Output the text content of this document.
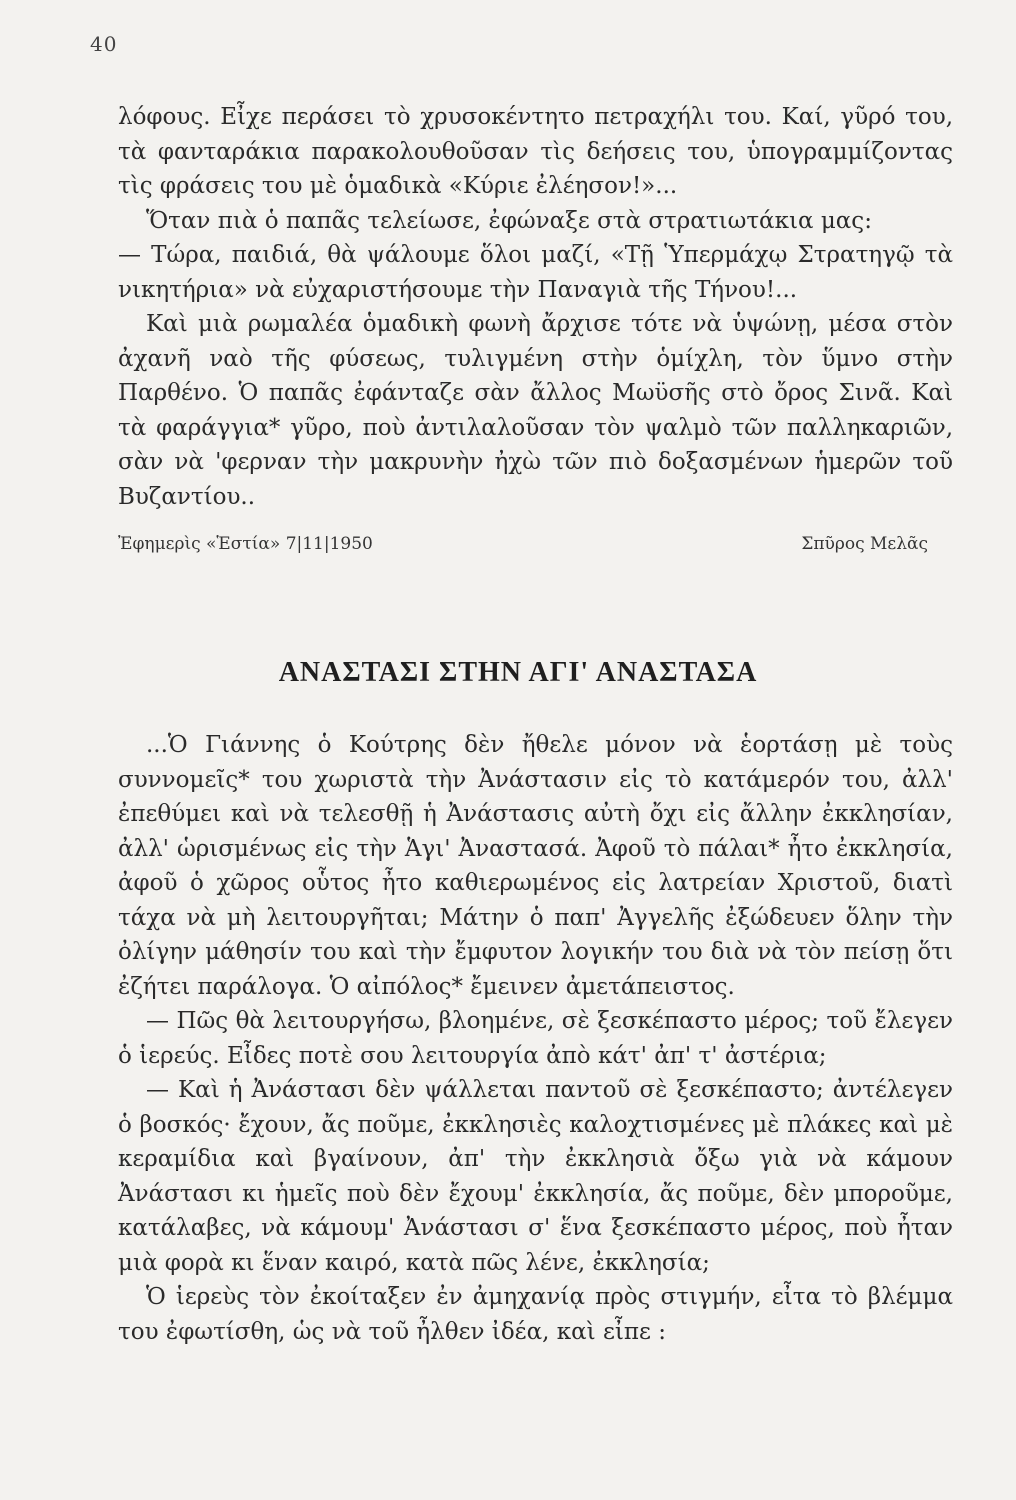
40

λόφους. Εἶχε περάσει τὸ χρυσοκέντητο πετραχήλι του. Καί, γῦρό του, τὰ φανταράκια παρακολουθοῦσαν τὶς δεήσεις του, ὑπογραμμίζοντας τὶς φράσεις του μὲ ὁμαδικὰ «Κύριε ἐλέησον!»...

Ὅταν πιὰ ὁ παπᾶς τελείωσε, ἐφώναξε στὰ στρατιωτάκια μας:

— Τώρα, παιδιά, θὰ ψάλουμε ὅλοι μαζί, «Τῇ Ὑπερμάχῳ Στρατηγῷ τὰ νικητήρια» νὰ εὐχαριστήσουμε τὴν Παναγιὰ τῆς Τήνου!...

Καὶ μιὰ ρωμαλέα ὁμαδικὴ φωνὴ ἄρχισε τότε νὰ ὑψώνῃ, μέσα στὸν ἀχανῆ ναὸ τῆς φύσεως, τυλιγμένη στὴν ὁμίχλη, τὸν ὕμνο στὴν Παρθένο. Ὁ παπᾶς ἐφάνταζε σὰν ἄλλος Μωϋσῆς στὸ ὄρος Σινᾶ. Καὶ τὰ φαράγγια* γῦρο, ποὺ ἀντιλαλοῦσαν τὸν ψαλμὸ τῶν παλληκαριῶν, σὰν νὰ 'φερναν τὴν μακρυνὴν ἠχὼ τῶν πιὸ δοξασμένων ἡμερῶν τοῦ Βυζαντίου..

Ἐφημερὶς «Ἑστία» 7|11|1950	Σπῦρος Μελᾶς
ΑΝΑΣΤΑΣΙ ΣΤΗΝ ΑΓΙ' ΑΝΑΣΤΑΣΑ

...Ὁ Γιάννης ὁ Κούτρης δὲν ἤθελε μόνον νὰ ἑορτάσῃ μὲ τοὺς συννομεῖς* του χωριστὰ τὴν Ἀνάστασιν εἰς τὸ κατάμερόν του, ἀλλ' ἐπεθύμει καὶ νὰ τελεσθῇ ἡ Ἀνάστασις αὐτὴ ὄχι εἰς ἄλλην ἐκκλησίαν, ἀλλ' ὡρισμένως εἰς τὴν Ἁγι' Ἀναστασά. Ἀφοῦ τὸ πάλαι* ἦτο ἐκκλησία, ἀφοῦ ὁ χῶρος οὗτος ἦτο καθιερωμένος εἰς λατρείαν Χριστοῦ, διατὶ τάχα νὰ μὴ λειτουργῆται; Μάτην ὁ παπ' Ἀγγελῆς ἐξώδευεν ὅλην τὴν ὀλίγην μάθησίν του καὶ τὴν ἔμφυτον λογικήν του διὰ νὰ τὸν πείσῃ ὅτι ἐζήτει παράλογα. Ὁ αἰπόλος* ἔμεινεν ἀμετάπειστος.

— Πῶς θὰ λειτουργήσω, βλοημένε, σὲ ξεσκέπαστο μέρος; τοῦ ἔλεγεν ὁ ἱερεύς. Εἶδες ποτὲ σου λειτουργία ἀπὸ κάτ' ἀπ' τ' ἀστέρια;

— Καὶ ἡ Ἀνάστασι δὲν ψάλλεται παντοῦ σὲ ξεσκέπαστο; ἀντέλεγεν ὁ βοσκός· ἔχουν, ἄς ποῦμε, ἐκκλησιὲς καλοχτισμένες μὲ πλάκες καὶ μὲ κεραμίδια καὶ βγαίνουν, ἀπ' τὴν ἐκκλησιὰ ὄξω γιὰ νὰ κάμουν Ἀνάστασι κι ἡμεῖς ποὺ δὲν ἔχουμ' ἐκκλησία, ἄς ποῦμε, δὲν μποροῦμε, κατάλαβες, νὰ κάμουμ' Ἀνάστασι σ' ἕνα ξεσκέπαστο μέρος, ποὺ ἦταν μιὰ φορὰ κι ἕναν καιρό, κατὰ πῶς λένε, ἐκκλησία;

Ὁ ἱερεὺς τὸν ἐκοίταξεν ἐν ἀμηχανίᾳ πρὸς στιγμήν, εἶτα τὸ βλέμμα του ἐφωτίσθη, ὡς νὰ τοῦ ἦλθεν ἰδέα, καὶ εἶπε :
